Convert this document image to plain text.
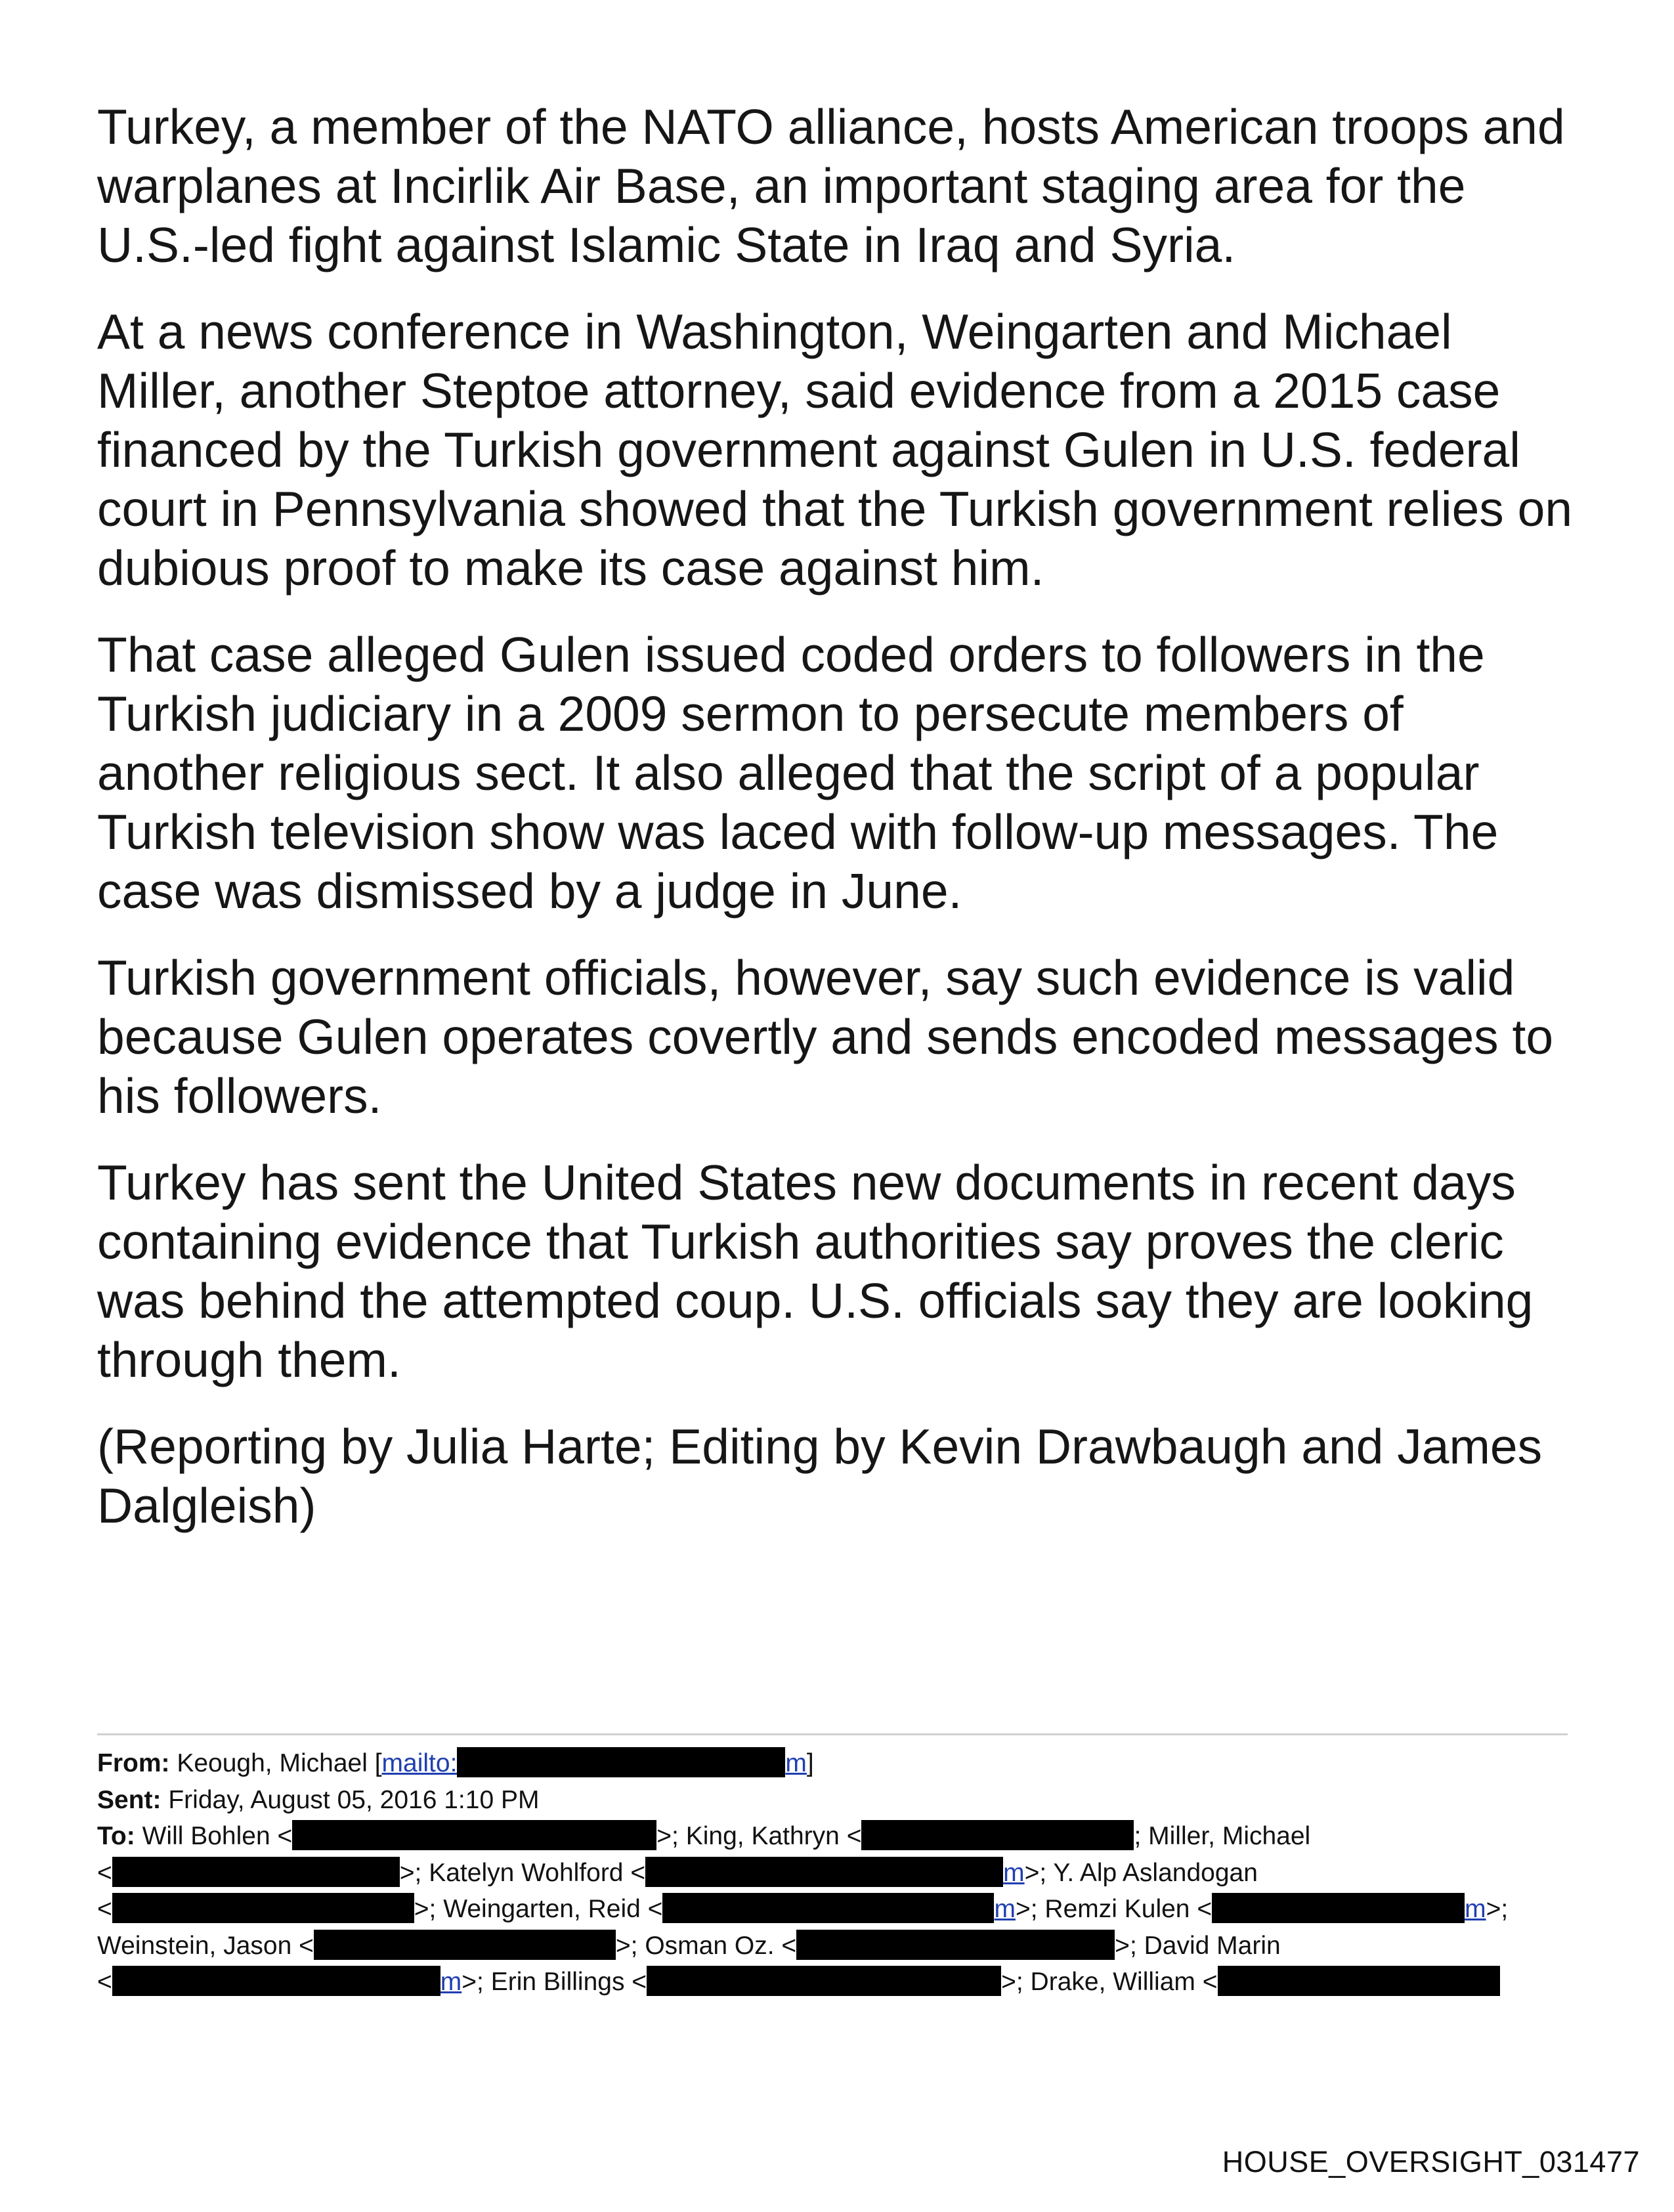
Turkey, a member of the NATO alliance, hosts American troops and warplanes at Incirlik Air Base, an important staging area for the U.S.-led fight against Islamic State in Iraq and Syria.

At a news conference in Washington, Weingarten and Michael Miller, another Steptoe attorney, said evidence from a 2015 case financed by the Turkish government against Gulen in U.S. federal court in Pennsylvania showed that the Turkish government relies on dubious proof to make its case against him.

That case alleged Gulen issued coded orders to followers in the Turkish judiciary in a 2009 sermon to persecute members of another religious sect. It also alleged that the script of a popular Turkish television show was laced with follow-up messages. The case was dismissed by a judge in June.

Turkish government officials, however, say such evidence is valid because Gulen operates covertly and sends encoded messages to his followers.

Turkey has sent the United States new documents in recent days containing evidence that Turkish authorities say proves the cleric was behind the attempted coup. U.S. officials say they are looking through them.

(Reporting by Julia Harte; Editing by Kevin Drawbaugh and James Dalgleish)

From: Keough, Michael [mailto:	m]
Sent: Friday, August 05, 2016 1:10 PM
To: Will Bohlen <	>; King, Kathryn <	; Miller, Michael
<	>; Katelyn Wohlford <	m>; Y. Alp Aslandogan
<	>; Weingarten, Reid <	m>; Remzi Kulen <	m>;
Weinstein, Jason <	>; Osman Oz. <	>; David Marin
<	m>; Erin Billings <	>; Drake, William <
HOUSE_OVERSIGHT_031477
